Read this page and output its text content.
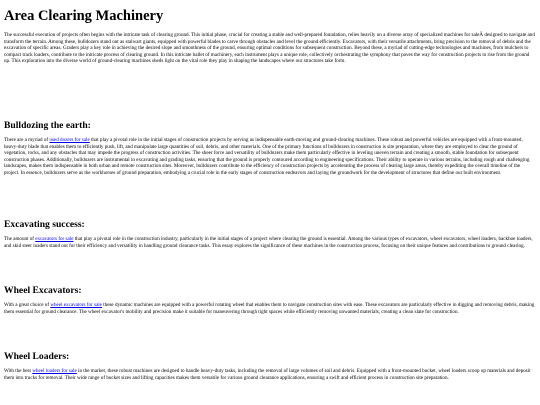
Area Clearing Machinery

The successful execution of projects often begins with the intricate task of clearing ground. This initial phase, crucial for creating a stable and well-prepared foundation, relies heavily on a diverse array of specialized machines for saleÂ designed to navigate and transform the terrain. Among these, bulldozers stand out as stalwart giants, equipped with powerful blades to carve through obstacles and level the ground efficiently. Excavators, with their versatile attachments, bring precision to the removal of debris and the excavation of specific areas. Graders play a key role in achieving the desired slope and smoothness of the ground, ensuring optimal conditions for subsequent construction. Beyond these, a myriad of cutting-edge technologies and machines, from mulchers to compact track loaders, contribute to the intricate process of clearing ground. In this intricate ballet of machinery, each instrument plays a unique role, collectively orchestrating the symphony that paves the way for construction projects to rise from the ground up. This exploration into the diverse world of ground-clearing machines sheds light on the vital role they play in shaping the landscapes where our structures take form.

Bulldozing the earth:

There are a myriad of used dozers for sale that play a pivotal role in the initial stages of construction projects by serving as indispensable earth-moving and ground-clearing machines. These robust and powerful vehicles are equipped with a front-mounted, heavy-duty blade that enables them to efficiently push, lift, and manipulate large quantities of soil, debris, and other materials. One of the primary functions of bulldozers in construction is site preparation, where they are employed to clear the ground of vegetation, rocks, and any obstacles that may impede the progress of construction activities. The sheer force and versatility of bulldozers make them particularly effective in leveling uneven terrain and creating a smooth, stable foundation for subsequent construction phases. Additionally, bulldozers are instrumental in excavating and grading tasks, ensuring that the ground is properly contoured according to engineering specifications. Their ability to operate in various terrains, including rough and challenging landscapes, makes them indispensable in both urban and remote construction sites. Moreover, bulldozers contribute to the efficiency of construction projects by accelerating the process of clearing large areas, thereby expediting the overall timeline of the project. In essence, bulldozers serve as the workhorses of ground preparation, embodying a crucial role in the early stages of construction endeavors and laying the groundwork for the development of structures that define our built environment.

Excavating success:

The amount of excavators for sale that play a pivotal role in the construction industry, particularly in the initial stages of a project where clearing the ground is essential. Among the various types of excavators, wheel excavators, wheel loaders, backhoe loaders, and skid steer loaders stand out for their efficiency and versatility in handling ground clearance tasks. This essay explores the significance of these machines in the construction process, focusing on their unique features and contributions to ground clearing.

Wheel Excavators:

With a great choice of wheel excavators for sale these dynamic machines are equipped with a powerful rotating wheel that enables them to navigate construction sites with ease. These excavators are particularly effective in digging and removing debris, making them essential for ground clearance. The wheel excavator's mobility and precision make it suitable for maneuvering through tight spaces while efficiently removing unwanted materials, creating a clean slate for construction.

Wheel Loaders:

With the best wheel loaders for sale in the market, these robust machines are designed to handle heavy-duty tasks, including the removal of large volumes of soil and debris. Equipped with a front-mounted bucket, wheel loaders scoop up materials and deposit them into trucks for removal. Their wide range of bucket sizes and lifting capacities makes them versatile for various ground clearance applications, ensuring a swift and efficient process in construction site preparation.
